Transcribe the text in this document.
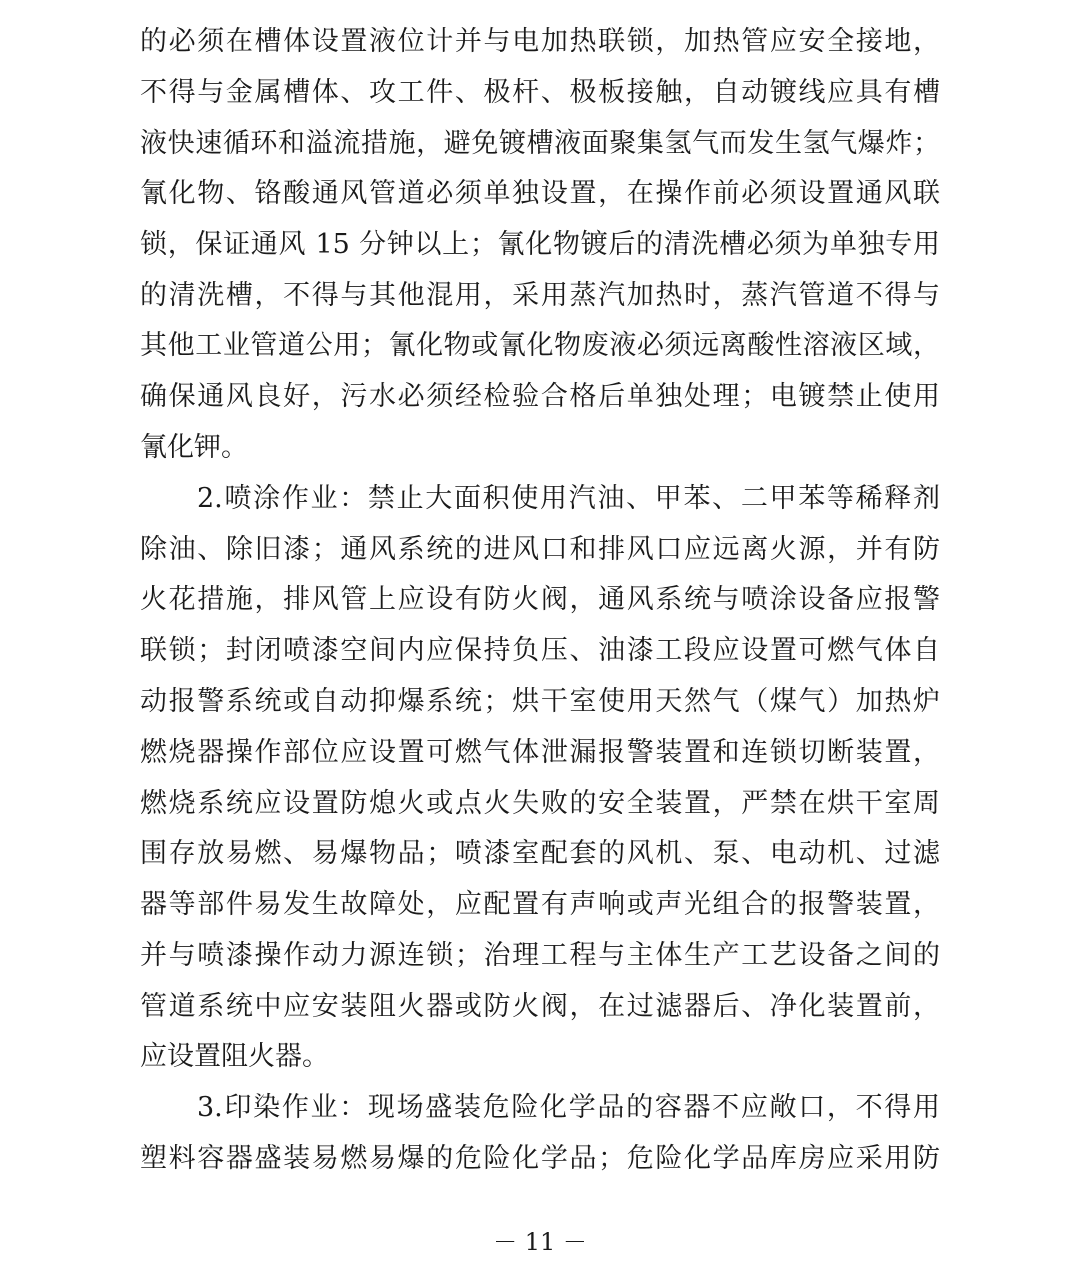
的必须在槽体设置液位计并与电加热联锁，加热管应安全接地，
不得与金属槽体、攻工件、极杆、极板接触，自动镀线应具有槽
液快速循环和溢流措施，避免镀槽液面聚集氢气而发生氢气爆炸；
氰化物、铬酸通风管道必须单独设置，在操作前必须设置通风联
锁，保证通风 15 分钟以上；氰化物镀后的清洗槽必须为单独专用
的清洗槽，不得与其他混用，采用蒸汽加热时，蒸汽管道不得与
其他工业管道公用；氰化物或氰化物废液必须远离酸性溶液区域，
确保通风良好，污水必须经检验合格后单独处理；电镀禁止使用
氰化钾。
2.喷涂作业：禁止大面积使用汽油、甲苯、二甲苯等稀释剂
除油、除旧漆；通风系统的进风口和排风口应远离火源，并有防
火花措施，排风管上应设有防火阀，通风系统与喷涂设备应报警
联锁；封闭喷漆空间内应保持负压、油漆工段应设置可燃气体自
动报警系统或自动抑爆系统；烘干室使用天然气（煤气）加热炉
燃烧器操作部位应设置可燃气体泄漏报警装置和连锁切断装置，
燃烧系统应设置防熄火或点火失败的安全装置，严禁在烘干室周
围存放易燃、易爆物品；喷漆室配套的风机、泵、电动机、过滤
器等部件易发生故障处，应配置有声响或声光组合的报警装置，
并与喷漆操作动力源连锁；治理工程与主体生产工艺设备之间的
管道系统中应安装阻火器或防火阀，在过滤器后、净化装置前，
应设置阻火器。
3.印染作业：现场盛装危险化学品的容器不应敞口，不得用
塑料容器盛装易燃易爆的危险化学品；危险化学品库房应采用防
－ 11 －
